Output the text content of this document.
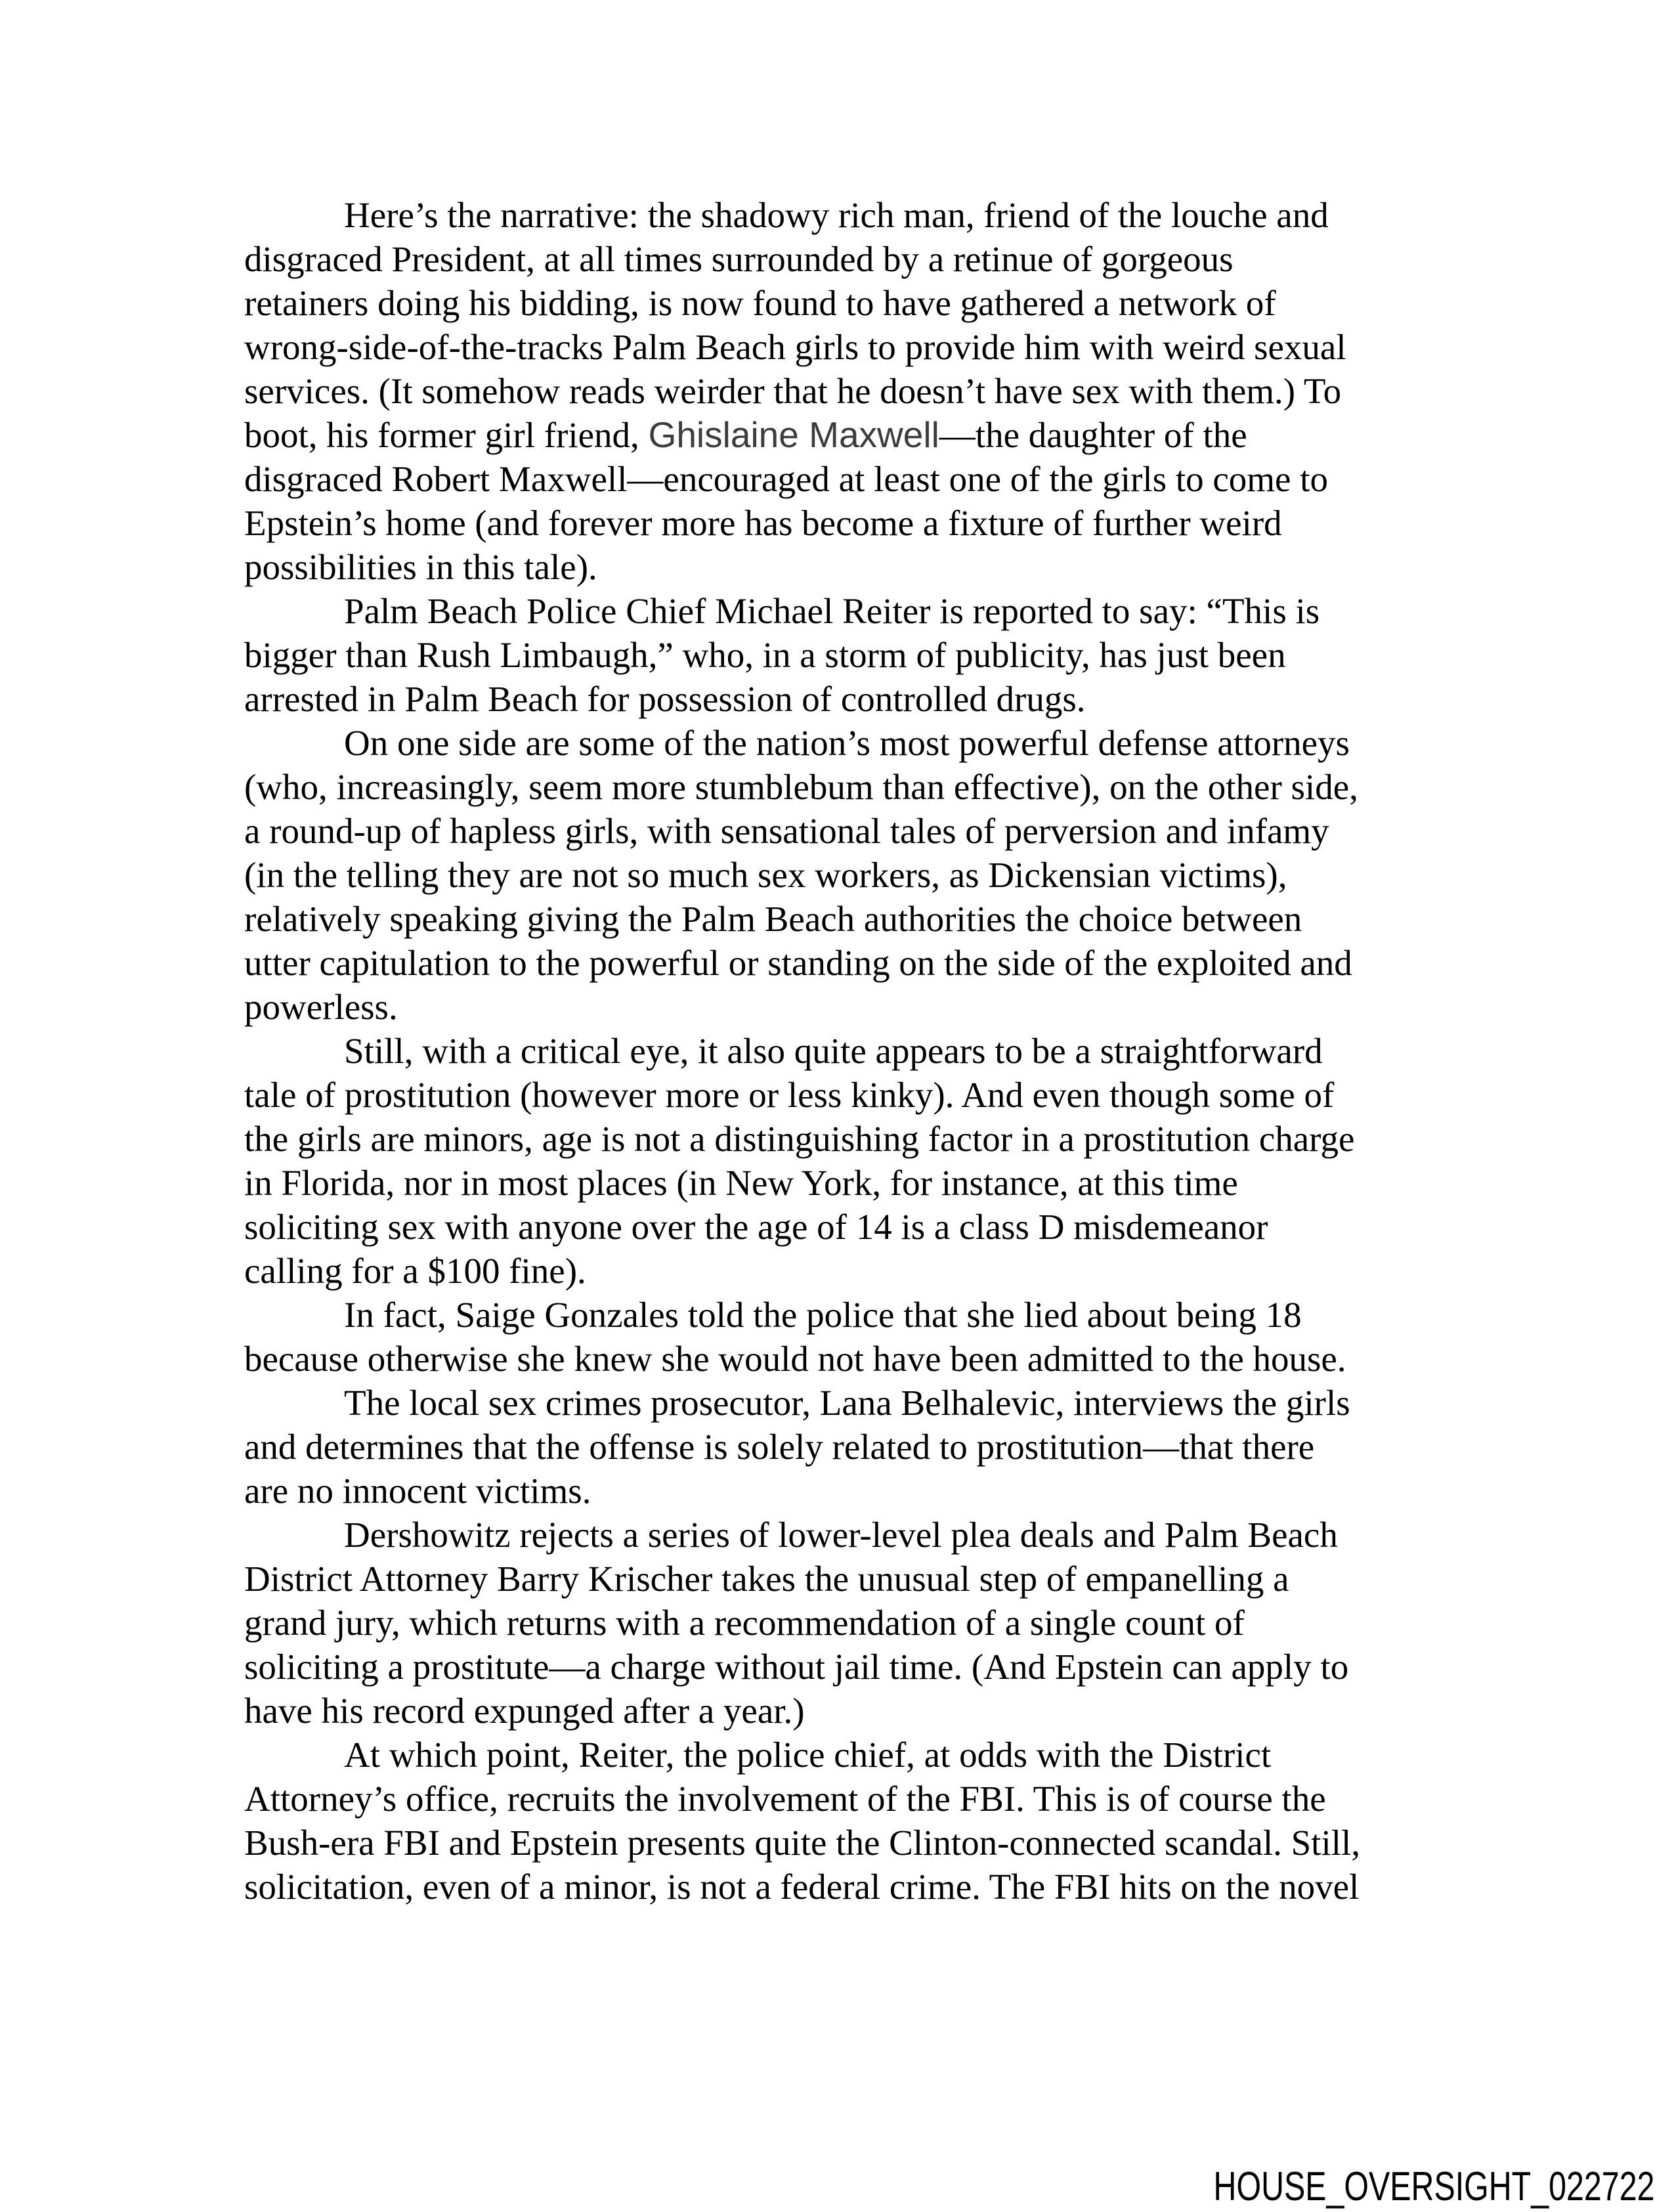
Here’s the narrative: the shadowy rich man, friend of the louche and
disgraced President, at all times surrounded by a retinue of gorgeous
retainers doing his bidding, is now found to have gathered a network of
wrong-side-of-the-tracks Palm Beach girls to provide him with weird sexual
services. (It somehow reads weirder that he doesn’t have sex with them.) To
boot, his former girl friend, Ghislaine Maxwell—the daughter of the
disgraced Robert Maxwell—encouraged at least one of the girls to come to
Epstein’s home (and forever more has become a fixture of further weird
possibilities in this tale).
Palm Beach Police Chief Michael Reiter is reported to say: “This is
bigger than Rush Limbaugh,” who, in a storm of publicity, has just been
arrested in Palm Beach for possession of controlled drugs.
On one side are some of the nation’s most powerful defense attorneys
(who, increasingly, seem more stumblebum than effective), on the other side,
a round-up of hapless girls, with sensational tales of perversion and infamy
(in the telling they are not so much sex workers, as Dickensian victims),
relatively speaking giving the Palm Beach authorities the choice between
utter capitulation to the powerful or standing on the side of the exploited and
powerless.
Still, with a critical eye, it also quite appears to be a straightforward
tale of prostitution (however more or less kinky). And even though some of
the girls are minors, age is not a distinguishing factor in a prostitution charge
in Florida, nor in most places (in New York, for instance, at this time
soliciting sex with anyone over the age of 14 is a class D misdemeanor
calling for a $100 fine).
In fact, Saige Gonzales told the police that she lied about being 18
because otherwise she knew she would not have been admitted to the house.
The local sex crimes prosecutor, Lana Belhalevic, interviews the girls
and determines that the offense is solely related to prostitution—that there
are no innocent victims.
Dershowitz rejects a series of lower-level plea deals and Palm Beach
District Attorney Barry Krischer takes the unusual step of empanelling a
grand jury, which returns with a recommendation of a single count of
soliciting a prostitute—a charge without jail time. (And Epstein can apply to
have his record expunged after a year.)
At which point, Reiter, the police chief, at odds with the District
Attorney’s office, recruits the involvement of the FBI. This is of course the
Bush-era FBI and Epstein presents quite the Clinton-connected scandal. Still,
solicitation, even of a minor, is not a federal crime. The FBI hits on the novel
HOUSE_OVERSIGHT_022722
